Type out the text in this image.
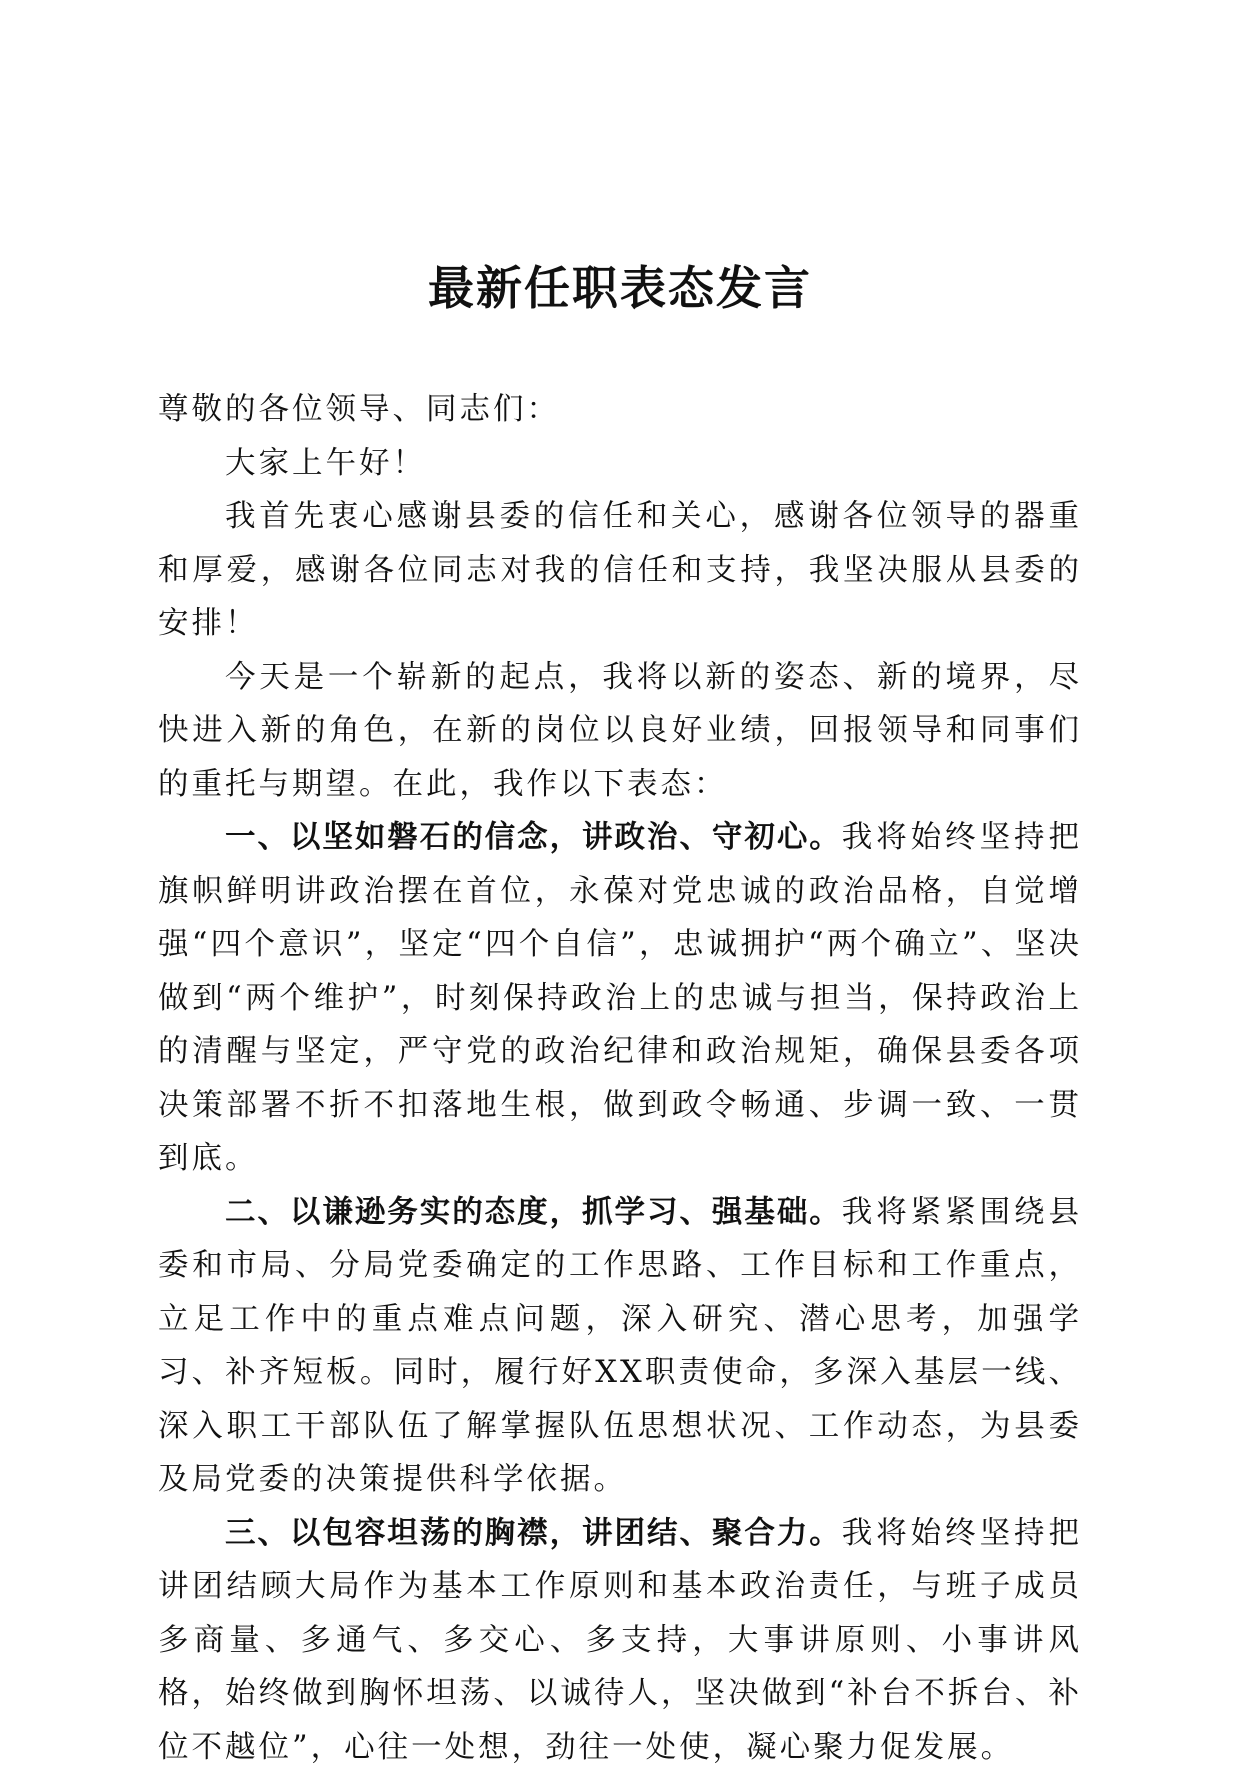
最新任职表态发言

尊敬的各位领导、同志们：

大家上午好！

我首先衷心感谢县委的信任和关心，感谢各位领导的器重和厚爱，感谢各位同志对我的信任和支持，我坚决服从县委的安排！

今天是一个崭新的起点，我将以新的姿态、新的境界，尽快进入新的角色，在新的岗位以良好业绩，回报领导和同事们的重托与期望。在此，我作以下表态：

一、以坚如磐石的信念，讲政治、守初心。我将始终坚持把旗帜鲜明讲政治摆在首位，永葆对党忠诚的政治品格，自觉增强“四个意识”，坚定“四个自信”，忠诚拥护“两个确立”、坚决做到“两个维护”，时刻保持政治上的忠诚与担当，保持政治上的清醒与坚定，严守党的政治纪律和政治规矩，确保县委各项决策部署不折不扣落地生根，做到政令畅通、步调一致、一贯到底。

二、以谦逊务实的态度，抓学习、强基础。我将紧紧围绕县委和市局、分局党委确定的工作思路、工作目标和工作重点，立足工作中的重点难点问题，深入研究、潜心思考，加强学习、补齐短板。同时，履行好XX职责使命，多深入基层一线、深入职工干部队伍了解掌握队伍思想状况、工作动态，为县委及局党委的决策提供科学依据。

三、以包容坦荡的胸襟，讲团结、聚合力。我将始终坚持把讲团结顾大局作为基本工作原则和基本政治责任，与班子成员多商量、多通气、多交心、多支持，大事讲原则、小事讲风格，始终做到胸怀坦荡、以诚待人，坚决做到“补台不拆台、补位不越位”，心往一处想，劲往一处使，凝心聚力促发展。
